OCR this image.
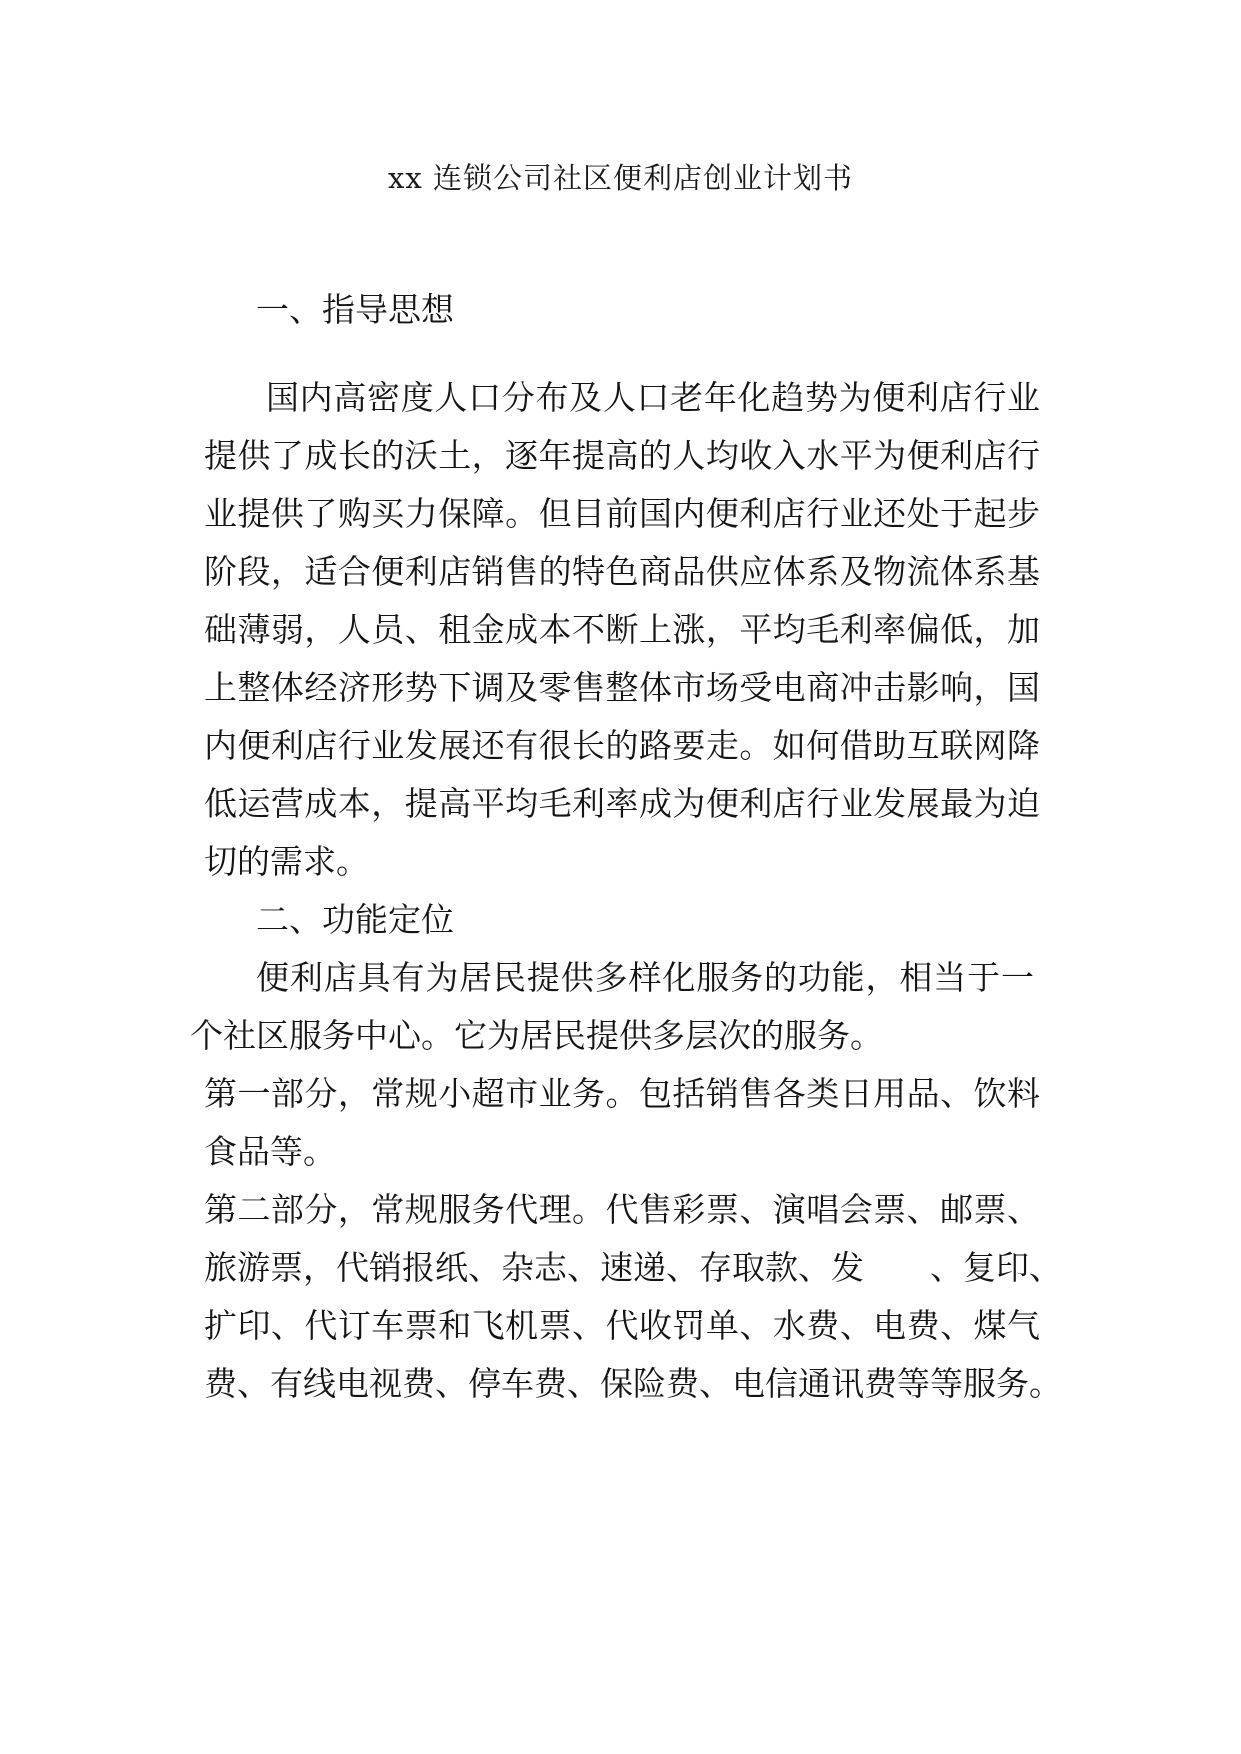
xx 连锁公司社区便利店创业计划书
一、指导思想
国内高密度人口分布及人口老年化趋势为便利店行业
提供了成长的沃土，逐年提高的人均收入水平为便利店行
业提供了购买力保障。但目前国内便利店行业还处于起步
阶段，适合便利店销售的特色商品供应体系及物流体系基
础薄弱，人员、租金成本不断上涨，平均毛利率偏低，加
上整体经济形势下调及零售整体市场受电商冲击影响，国
内便利店行业发展还有很长的路要走。如何借助互联网降
低运营成本，提高平均毛利率成为便利店行业发展最为迫
切的需求。
二、功能定位
便利店具有为居民提供多样化服务的功能，相当于一
个社区服务中心。它为居民提供多层次的服务。
第一部分，常规小超市业务。包括销售各类日用品、饮料
食品等。
第二部分，常规服务代理。代售彩票、演唱会票、邮票、
旅游票，代销报纸、杂志、速递、存取款、发　　、复印、
扩印、代订车票和飞机票、代收罚单、水费、电费、煤气
费、有线电视费、停车费、保险费、电信通讯费等等服务。
